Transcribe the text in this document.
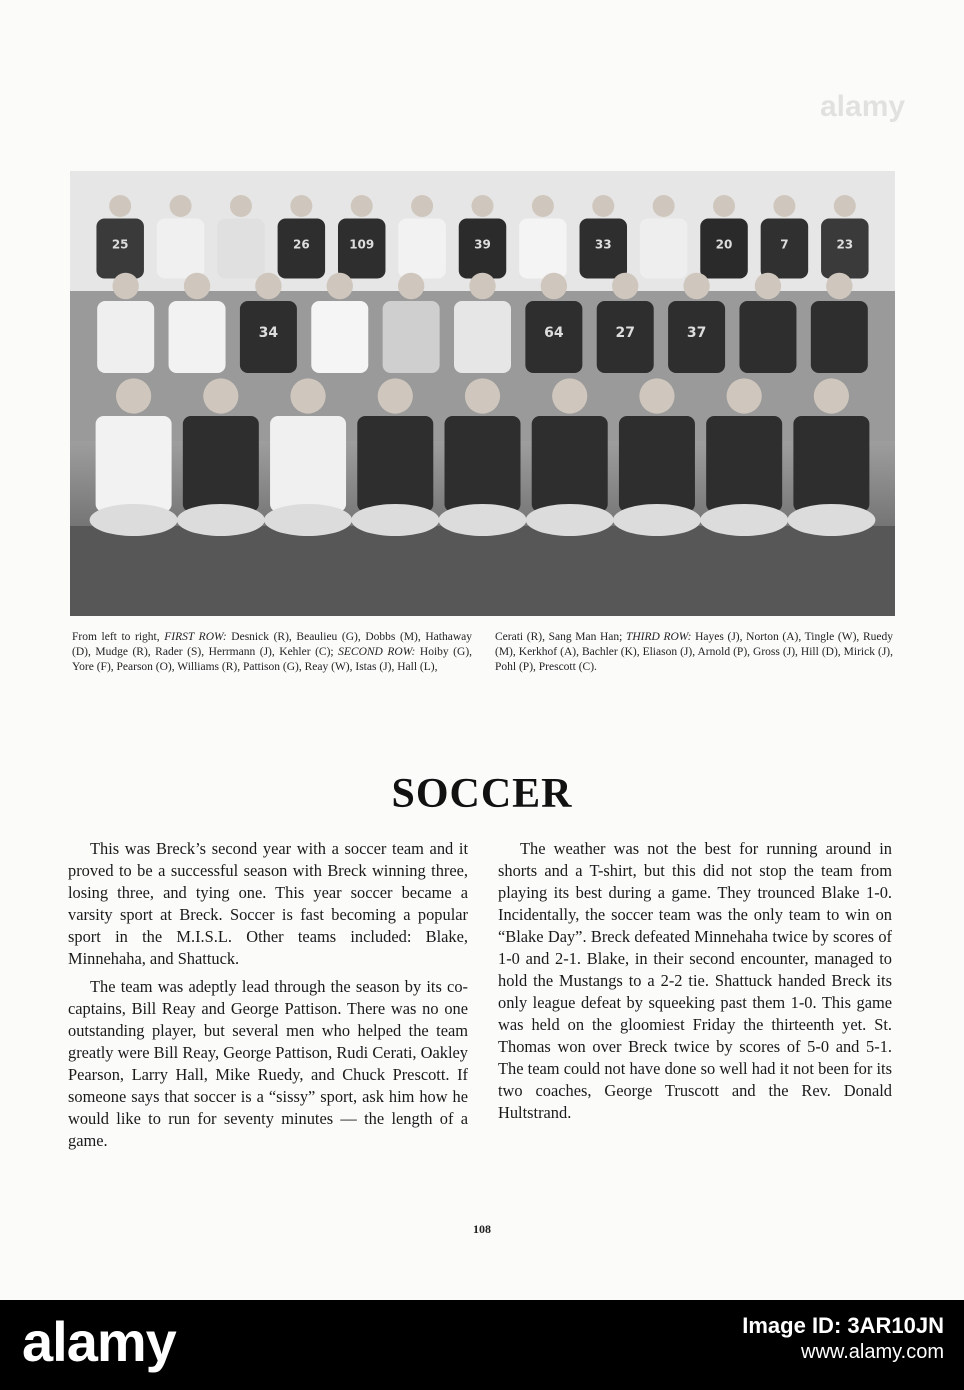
alamy
25	26	109	39	33	20	7	23
34	64	27	37
From left to right, FIRST ROW: Desnick (R), Beaulieu (G), Dobbs (M), Hathaway (D), Mudge (R), Rader (S), Herrmann (J), Kehler (C); SECOND ROW: Hoiby (G), Yore (F), Pearson (O), Williams (R), Pattison (G), Reay (W), Istas (J), Hall (L),
Cerati (R), Sang Man Han; THIRD ROW: Hayes (J), Norton (A), Tingle (W), Ruedy (M), Kerkhof (A), Bachler (K), Eliason (J), Arnold (P), Gross (J), Hill (D), Mirick (J), Pohl (P), Prescott (C).
SOCCER

This was Breck’s second year with a soccer team and it proved to be a successful season with Breck winning three, losing three, and tying one. This year soccer became a varsity sport at Breck. Soccer is fast becoming a popular sport in the M.I.S.L. Other teams included: Blake, Minnehaha, and Shattuck.

The team was adeptly lead through the season by its co-captains, Bill Reay and George Pattison. There was no one outstanding player, but several men who helped the team greatly were Bill Reay, George Pattison, Rudi Cerati, Oakley Pearson, Larry Hall, Mike Ruedy, and Chuck Prescott. If someone says that soccer is a “sissy” sport, ask him how he would like to run for seventy minutes — the length of a game.

The weather was not the best for running around in shorts and a T-shirt, but this did not stop the team from playing its best during a game. They trounced Blake 1-0. Incidentally, the soccer team was the only team to win on “Blake Day”. Breck defeated Minnehaha twice by scores of 1-0 and 2-1. Blake, in their second encounter, managed to hold the Mustangs to a 2-2 tie. Shattuck handed Breck its only league defeat by squeeking past them 1-0. This game was held on the gloomiest Friday the thirteenth yet. St. Thomas won over Breck twice by scores of 5-0 and 5-1. The team could not have done so well had it not been for its two coaches, George Truscott and the Rev. Donald Hultstrand.

108
alamy	Image ID: 3AR10JN
www.alamy.com
